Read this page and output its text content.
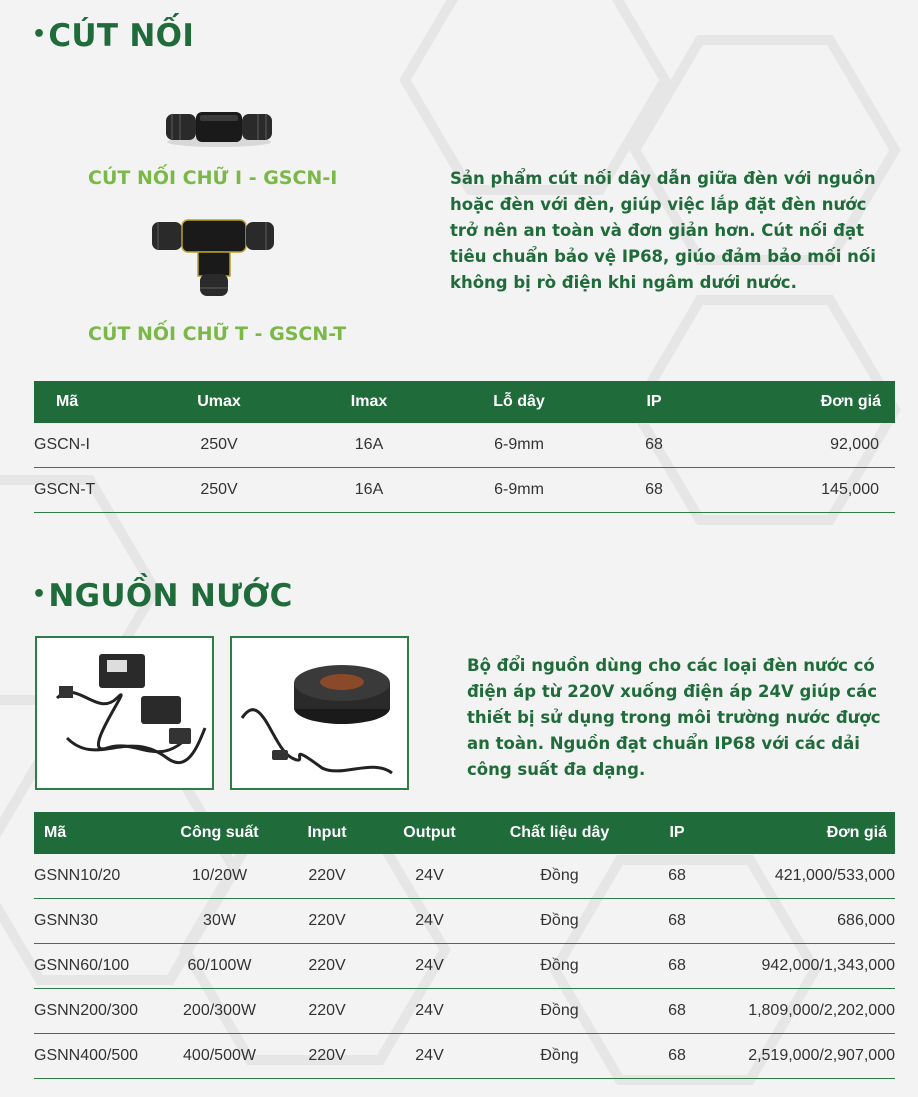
•CÚT NỐI
CÚT NỐI CHỮ I - GSCN-I
CÚT NỐI CHỮ T - GSCN-T

Sản phẩm cút nối dây dẫn giữa đèn với nguồn hoặc đèn với đèn, giúp việc lắp đặt đèn nước trở nên an toàn và đơn giản hơn. Cút nối đạt tiêu chuẩn bảo vệ IP68, giúo đảm bảo mối nối không bị rò điện khi ngâm dưới nước.

Mã	Umax	Imax	Lỗ dây	IP	Đơn giá
GSCN-I	250V	16A	6-9mm	68	92,000
GSCN-T	250V	16A	6-9mm	68	145,000
•NGUỒN NƯỚC

Bộ đổi nguồn dùng cho các loại đèn nước có điện áp từ 220V xuống điện áp 24V giúp các thiết bị sử dụng trong môi trường nước được an toàn. Nguồn đạt chuẩn IP68 với các dải công suất đa dạng.

Mã	Công suất	Input	Output	Chất liệu dây	IP	Đơn giá
GSNN10/20	10/20W	220V	24V	Đồng	68	421,000/533,000
GSNN30	30W	220V	24V	Đồng	68	686,000
GSNN60/100	60/100W	220V	24V	Đồng	68	942,000/1,343,000
GSNN200/300	200/300W	220V	24V	Đồng	68	1,809,000/2,202,000
GSNN400/500	400/500W	220V	24V	Đồng	68	2,519,000/2,907,000
